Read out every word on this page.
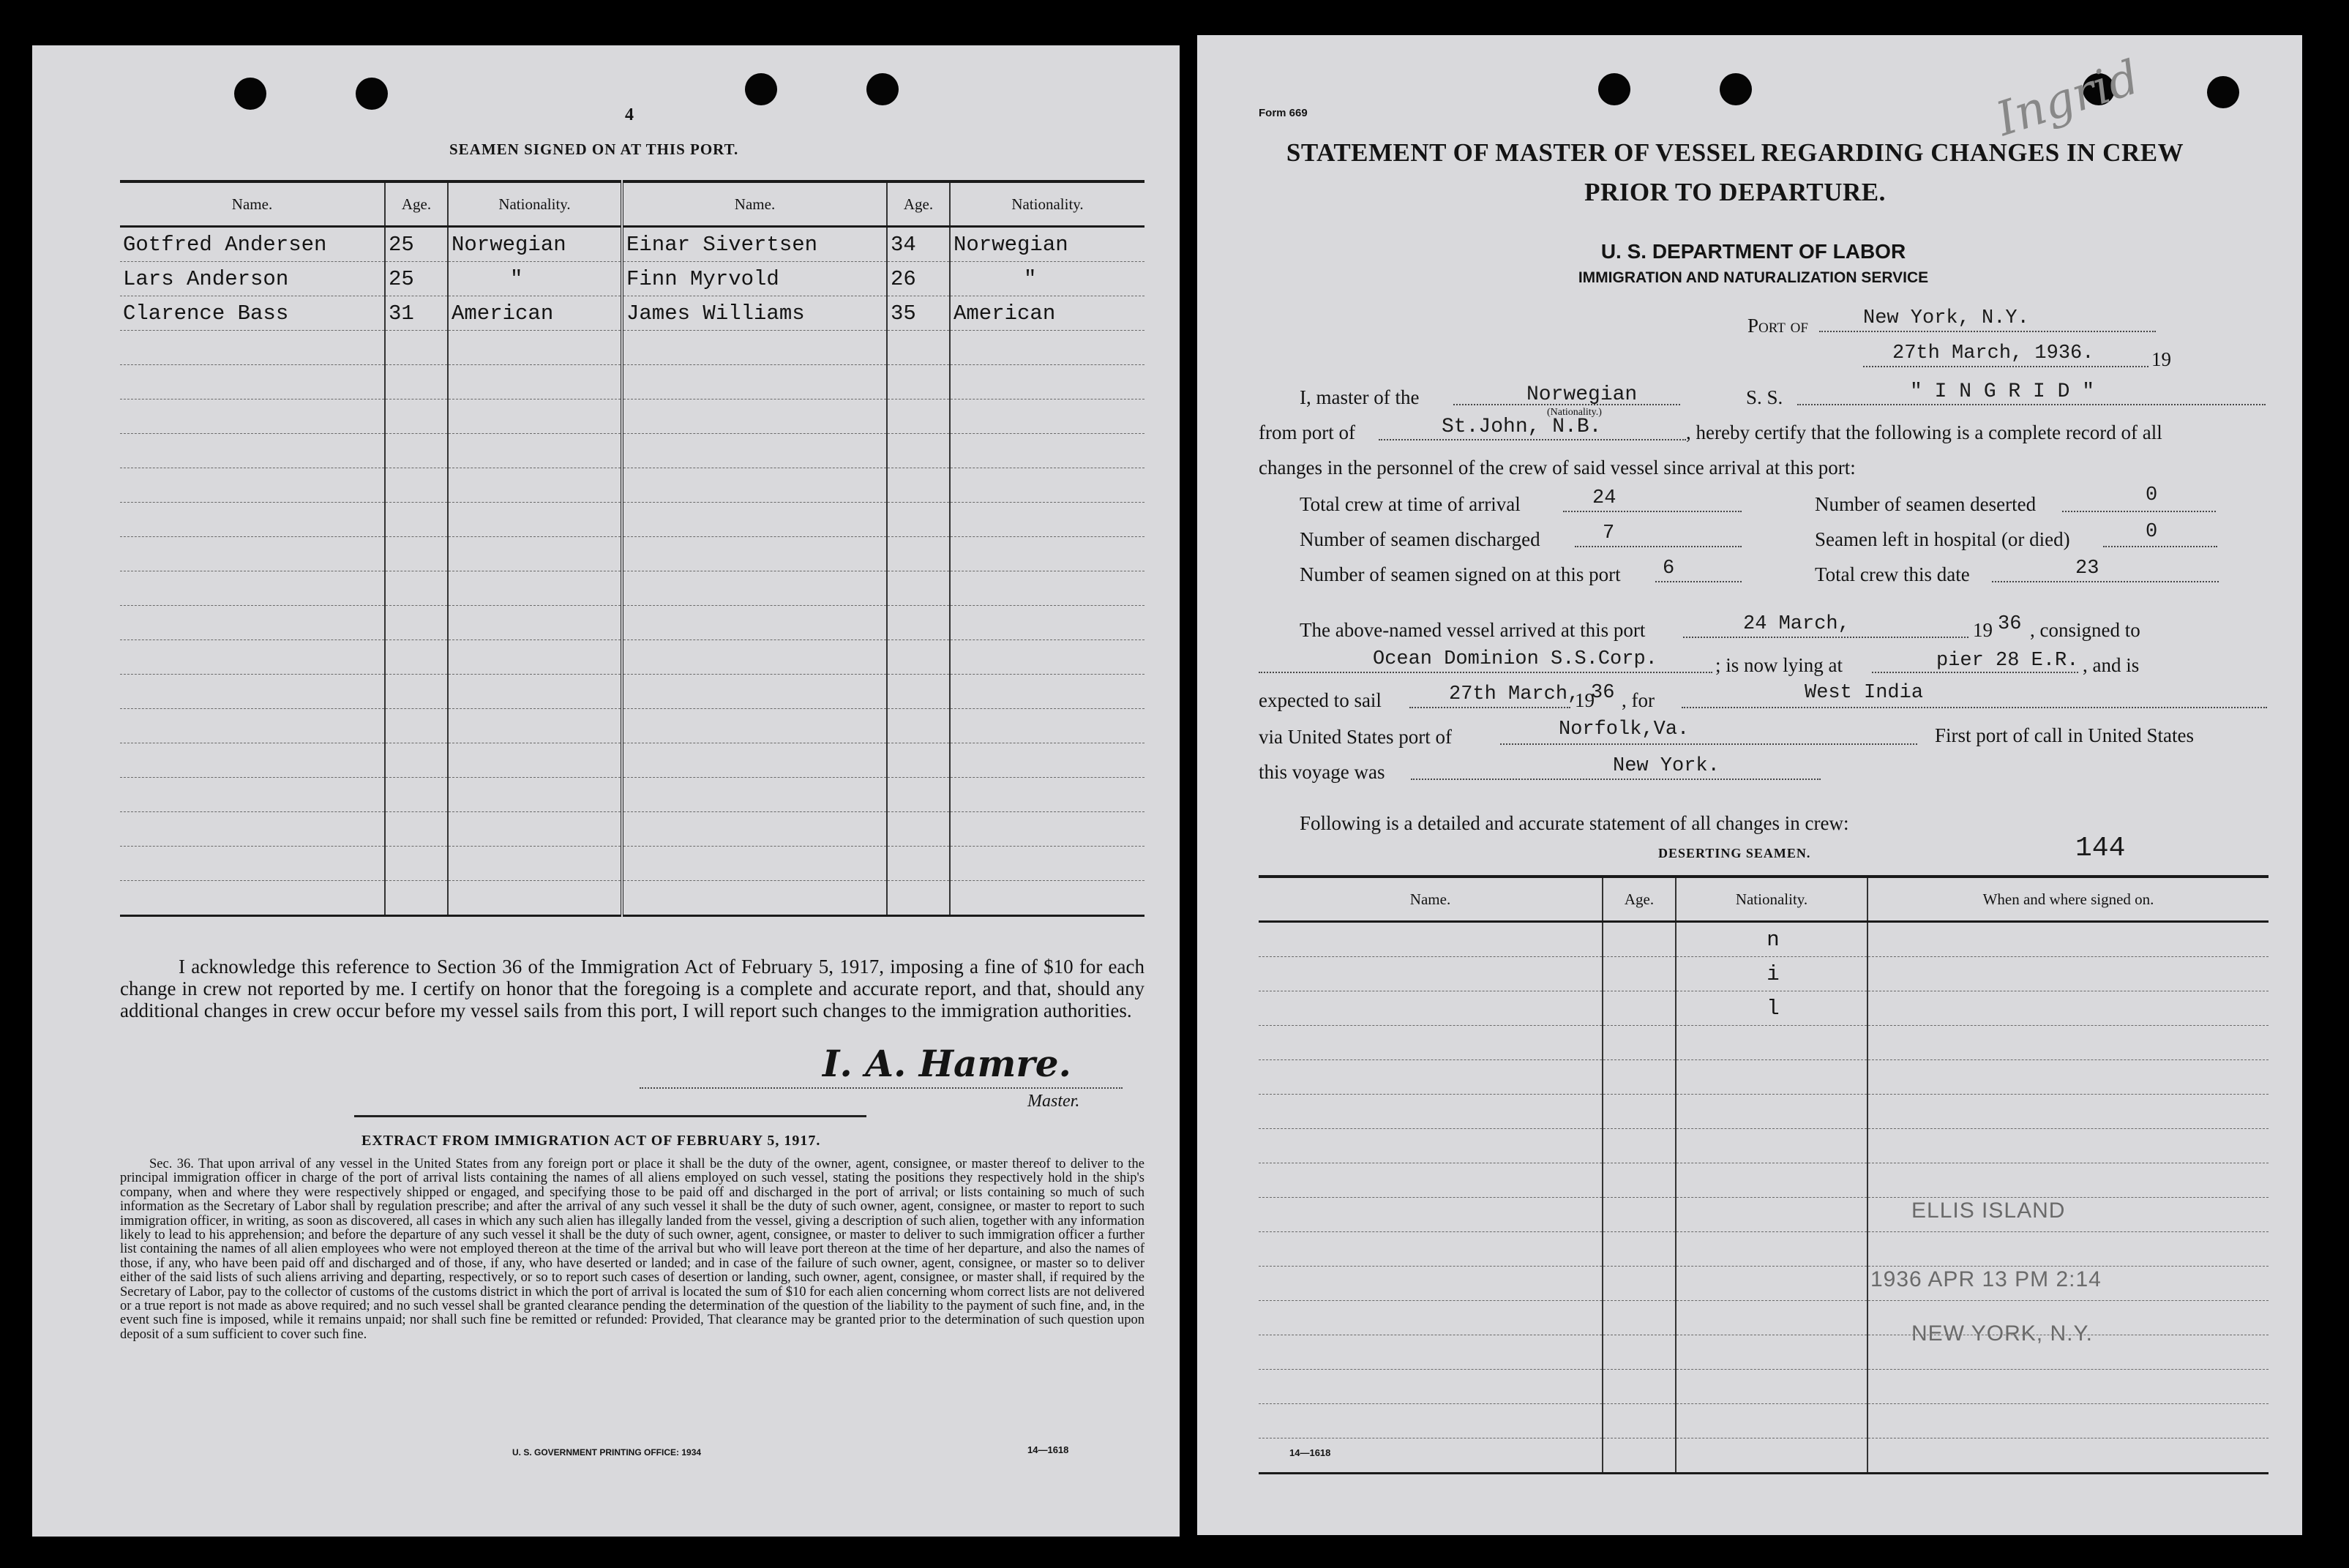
4
SEAMEN SIGNED ON AT THIS PORT.
Name.	Age.	Nationality.	Name.	Age.	Nationality.
Gotfred Andersen	25	Norwegian	Einar Sivertsen	34	Norwegian
Lars Anderson	25	"	Finn Myrvold	26	"
Clarence Bass	31	American	James Williams	35	American

I acknowledge this reference to Section 36 of the Immigration Act of February 5, 1917, imposing a fine of $10 for each change in crew not reported by me. I certify on honor that the foregoing is a complete and accurate report, and that, should any additional changes in crew occur before my vessel sails from this port, I will report such changes to the immigration authorities.
I. A. Hamre.
Master.
EXTRACT FROM IMMIGRATION ACT OF FEBRUARY 5, 1917.
Sec. 36. That upon arrival of any vessel in the United States from any foreign port or place it shall be the duty of the owner, agent, consignee, or master thereof to deliver to the principal immigration officer in charge of the port of arrival lists containing the names of all aliens employed on such vessel, stating the positions they respectively hold in the ship's company, when and where they were respectively shipped or engaged, and specifying those to be paid off and discharged in the port of arrival; or lists containing so much of such information as the Secretary of Labor shall by regulation prescribe; and after the arrival of any such vessel it shall be the duty of such owner, agent, consignee, or master to report to such immigration officer, in writing, as soon as discovered, all cases in which any such alien has illegally landed from the vessel, giving a description of such alien, together with any information likely to lead to his apprehension; and before the departure of any such vessel it shall be the duty of such owner, agent, consignee, or master to deliver to such immigration officer a further list containing the names of all alien employees who were not employed thereon at the time of the arrival but who will leave port thereon at the time of her departure, and also the names of those, if any, who have been paid off and discharged and of those, if any, who have deserted or landed; and in case of the failure of such owner, agent, consignee, or master so to deliver either of the said lists of such aliens arriving and departing, respectively, or so to report such cases of desertion or landing, such owner, agent, consignee, or master shall, if required by the Secretary of Labor, pay to the collector of customs of the customs district in which the port of arrival is located the sum of $10 for each alien concerning whom correct lists are not delivered or a true report is not made as above required; and no such vessel shall be granted clearance pending the determination of the question of the liability to the payment of such fine, and, in the event such fine is imposed, while it remains unpaid; nor shall such fine be remitted or refunded: Provided, That clearance may be granted prior to the determination of such question upon deposit of a sum sufficient to cover such fine.
U. S. GOVERNMENT PRINTING OFFICE: 1934	14—1618
Ingrid
Form 669
STATEMENT OF MASTER OF VESSEL REGARDING CHANGES IN CREW
PRIOR TO DEPARTURE.
U. S. DEPARTMENT OF LABOR
IMMIGRATION AND NATURALIZATION SERVICE
Port of	New York, N.Y.
27th March, 1936.	19
I, master of the	Norwegian
(Nationality.)
S. S.	" I N G R I D "
from port of	St.John, N.B.	, hereby certify that the following is a complete record of all
changes in the personnel of the crew of said vessel since arrival at this port:
Total crew at time of arrival	24	Number of seamen deserted	0
Number of seamen discharged	7	Seamen left in hospital (or died)	0
Number of seamen signed on at this port 6	Total crew this date	23
The above-named vessel arrived at this port	24 March,	19 36 , consigned to
Ocean Dominion S.S.Corp.	; is now lying at	pier 28 E.R. , and is
expected to sail	27th March,
19
36 , for	West India
via United States port of	Norfolk,Va.	First port of call in United States
this voyage was	New York.
Following is a detailed and accurate statement of all changes in crew:
DESERTING SEAMEN.	144
Name.	Age.	Nationality.	When and where signed on.
		n	
		i	
		l	

ELLIS ISLAND
1936 APR 13 PM 2:14
NEW YORK, N.Y.
14—1618
